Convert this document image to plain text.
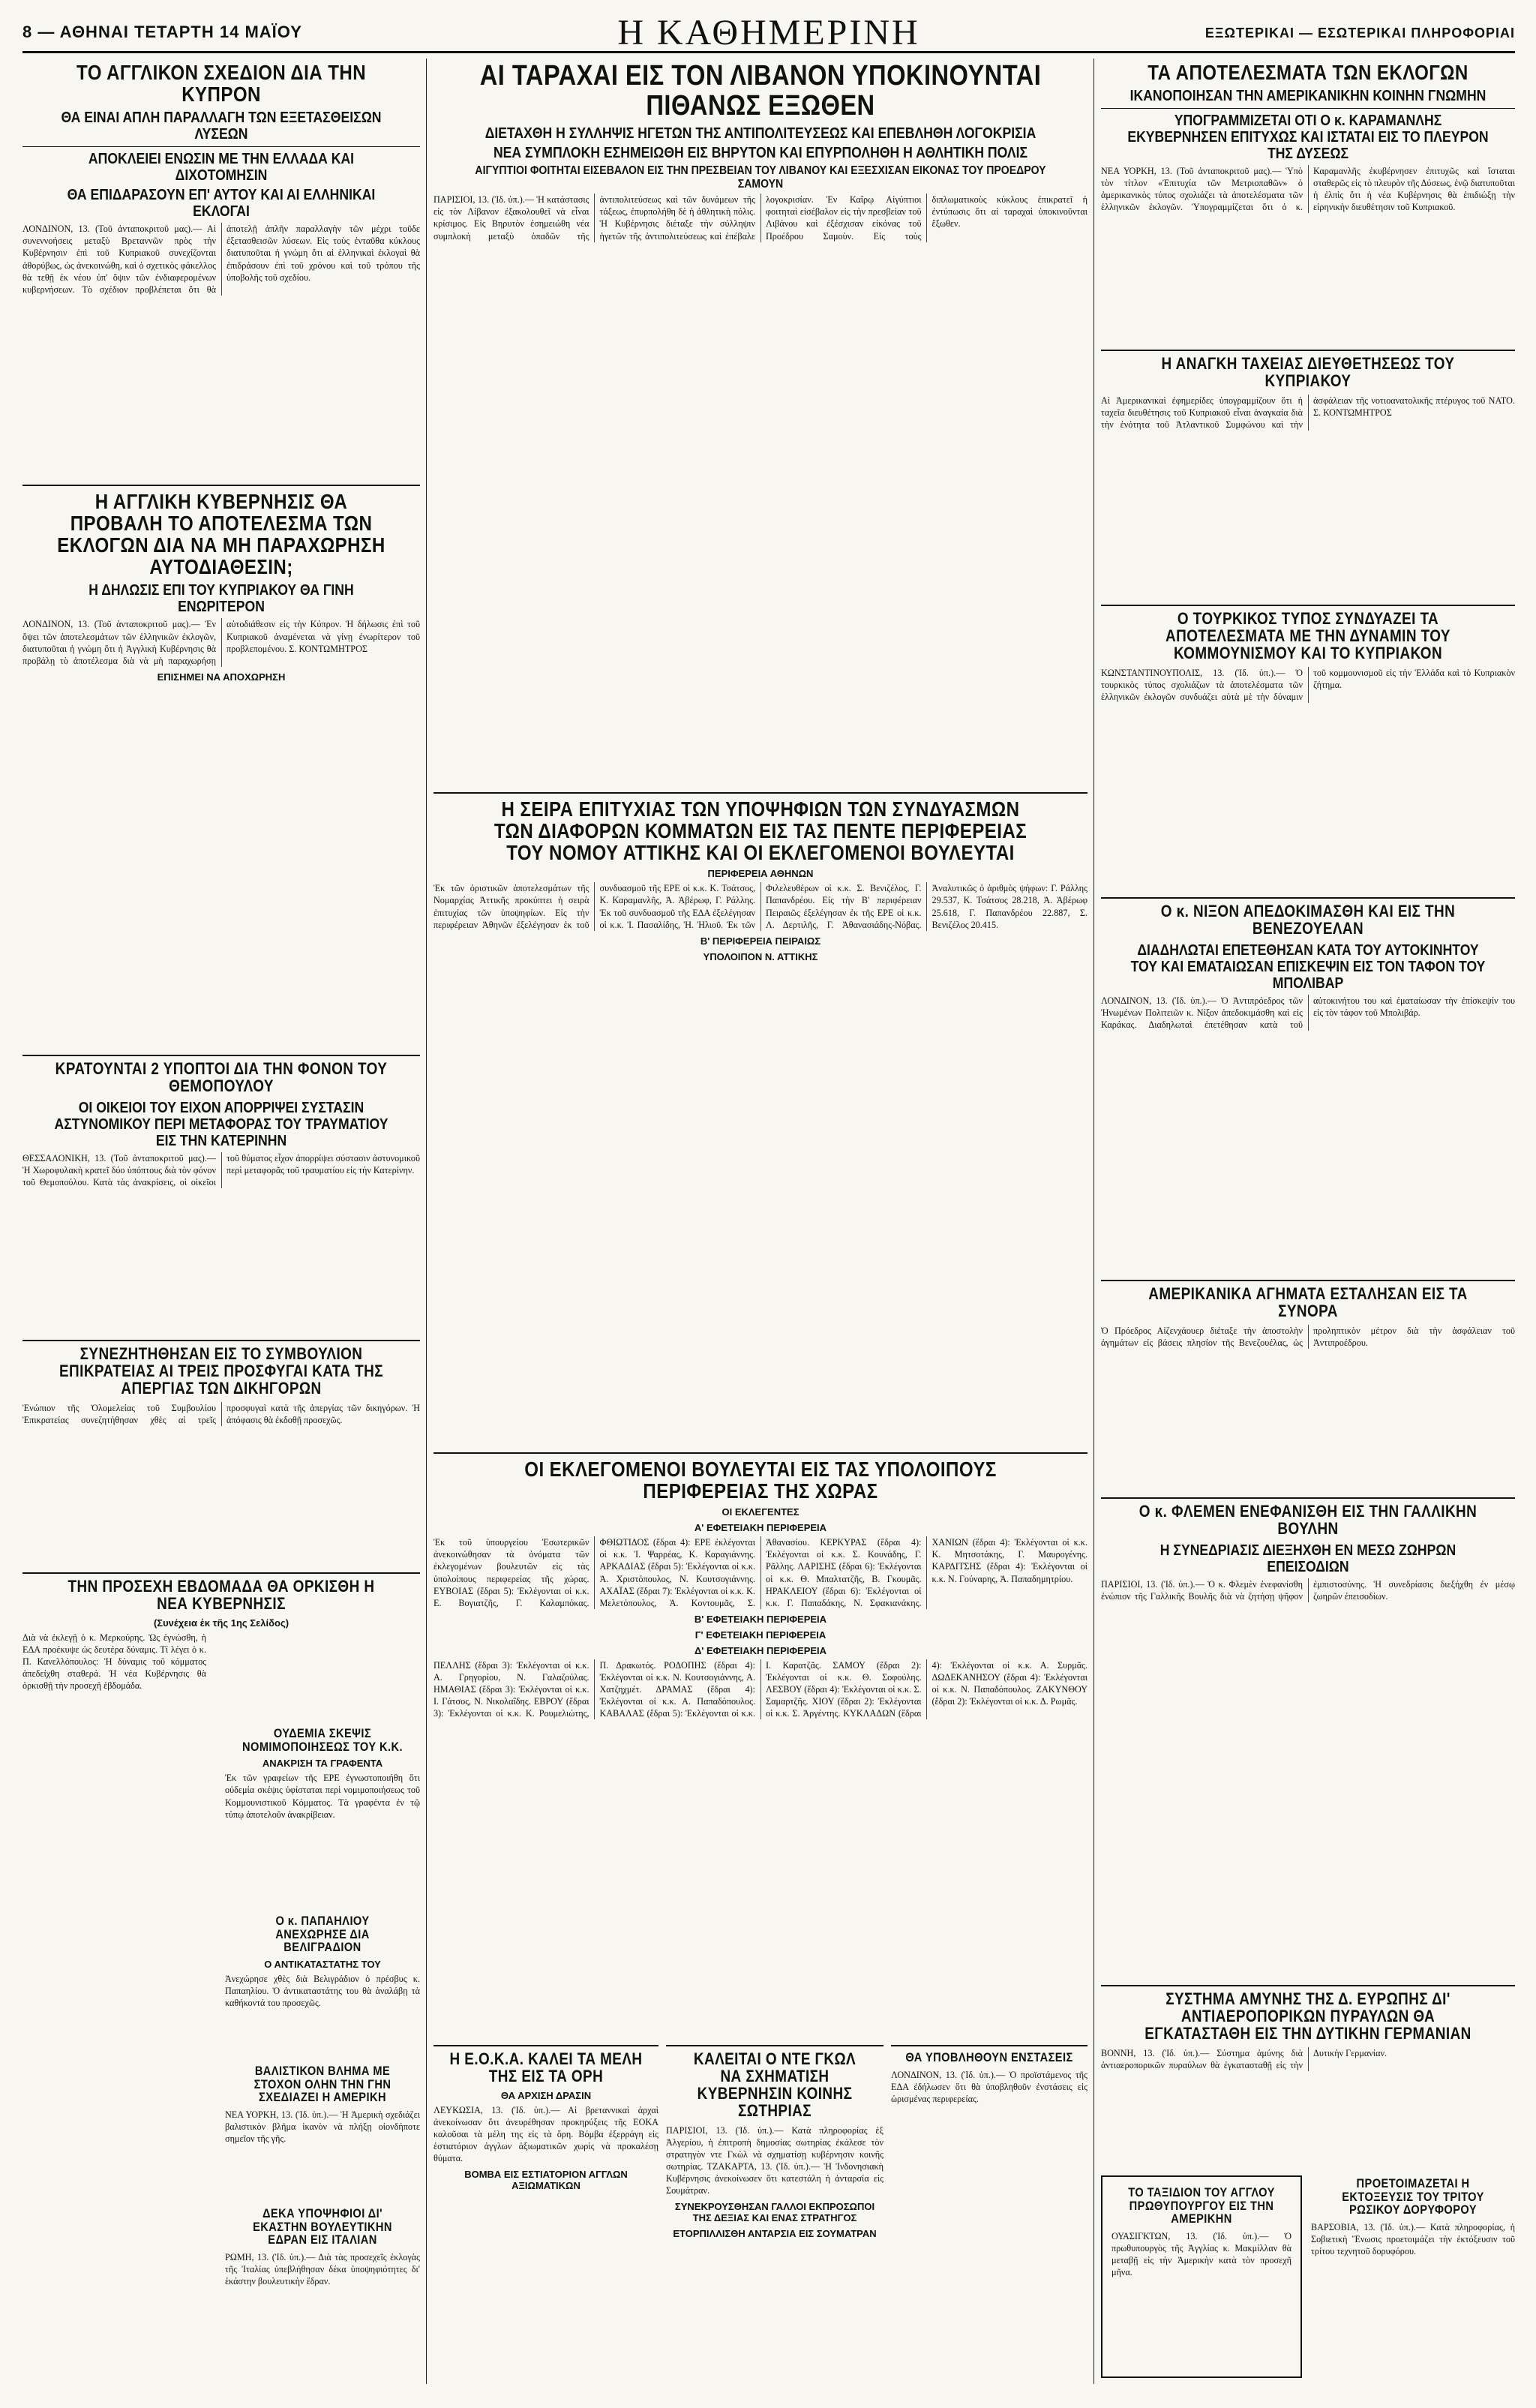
8 — ΑΘΗΝΑΙ ΤΕΤΑΡΤΗ 14 ΜΑΪΟΥ	Η ΚΑΘΗΜΕΡΙΝΗ	ΕΞΩΤΕΡΙΚΑΙ — ΕΣΩΤΕΡΙΚΑΙ ΠΛΗΡΟΦΟΡΙΑΙ
ΤΟ ΑΓΓΛΙΚΟΝ ΣΧΕΔΙΟΝ ΔΙΑ ΤΗΝ ΚΥΠΡΟΝ
ΘΑ ΕΙΝΑΙ ΑΠΛΗ ΠΑΡΑΛΛΑΓΗ ΤΩΝ ΕΞΕΤΑΣΘΕΙΣΩΝ ΛΥΣΕΩΝ
ΑΠΟΚΛΕΙΕΙ ΕΝΩΣΙΝ ΜΕ ΤΗΝ ΕΛΛΑΔΑ ΚΑΙ ΔΙΧΟΤΟΜΗΣΙΝ
ΘΑ ΕΠΙΔΑΡΑΣΟΥΝ ΕΠ' ΑΥΤΟΥ ΚΑΙ ΑΙ ΕΛΛΗΝΙΚΑΙ ΕΚΛΟΓΑΙ
ΛΟΝΔΙΝΟΝ, 13. (Τοῦ ἀνταποκριτοῦ μας).— Αἱ συνεννοήσεις μεταξὺ Βρεταννῶν πρὸς τὴν Κυβέρνησιν ἐπὶ τοῦ Κυπριακοῦ συνεχίζονται ἀθορύβως, ὡς ἀνεκοινώθη, καὶ ὁ σχετικὸς φάκελλος θὰ τεθῇ ἐκ νέου ὑπ' ὄψιν τῶν ἐνδιαφερομένων κυβερνήσεων. Τὸ σχέδιον προβλέπεται ὅτι θὰ ἀποτελῇ ἁπλῆν παραλλαγὴν τῶν μέχρι τοῦδε ἐξετασθεισῶν λύσεων. Εἰς τοὺς ἐνταῦθα κύκλους διατυποῦται ἡ γνώμη ὅτι αἱ ἑλληνικαὶ ἐκλογαὶ θὰ ἐπιδράσουν ἐπὶ τοῦ χρόνου καὶ τοῦ τρόπου τῆς ὑποβολῆς τοῦ σχεδίου.
Η ΑΓΓΛΙΚΗ ΚΥΒΕΡΝΗΣΙΣ ΘΑ ΠΡΟΒΑΛΗ ΤΟ ΑΠΟΤΕΛΕΣΜΑ ΤΩΝ ΕΚΛΟΓΩΝ ΔΙΑ ΝΑ ΜΗ ΠΑΡΑΧΩΡΗΣΗ ΑΥΤΟΔΙΑΘΕΣΙΝ;
Η ΔΗΛΩΣΙΣ ΕΠΙ ΤΟΥ ΚΥΠΡΙΑΚΟΥ ΘΑ ΓΙΝΗ ΕΝΩΡΙΤΕΡΟΝ
ΛΟΝΔΙΝΟΝ, 13. (Τοῦ ἀνταποκριτοῦ μας).— Ἐν ὄψει τῶν ἀποτελεσμάτων τῶν ἑλληνικῶν ἐκλογῶν, διατυποῦται ἡ γνώμη ὅτι ἡ Ἀγγλικὴ Κυβέρνησις θὰ προβάλῃ τὸ ἀποτέλεσμα διὰ νὰ μὴ παραχωρήσῃ αὐτοδιάθεσιν εἰς τὴν Κύπρον. Ἡ δήλωσις ἐπὶ τοῦ Κυπριακοῦ ἀναμένεται νὰ γίνῃ ἐνωρίτερον τοῦ προβλεπομένου. Σ. ΚΟΝΤΩΜΗΤΡΟΣ
ΕΠΙΣΗΜΕΙ ΝΑ ΑΠΟΧΩΡΗΣΗ
ΚΡΑΤΟΥΝΤΑΙ 2 ΥΠΟΠΤΟΙ ΔΙΑ ΤΗΝ ΦΟΝΟΝ ΤΟΥ ΘΕΜΟΠΟΥΛΟΥ
ΟΙ ΟΙΚΕΙΟΙ ΤΟΥ ΕΙΧΟΝ ΑΠΟΡΡΙΨΕΙ ΣΥΣΤΑΣΙΝ ΑΣΤΥΝΟΜΙΚΟΥ ΠΕΡΙ ΜΕΤΑΦΟΡΑΣ ΤΟΥ ΤΡΑΥΜΑΤΙΟΥ ΕΙΣ ΤΗΝ ΚΑΤΕΡΙΝΗΝ
ΘΕΣΣΑΛΟΝΙΚΗ, 13. (Τοῦ ἀνταποκριτοῦ μας).— Ἡ Χωροφυλακὴ κρατεῖ δύο ὑπόπτους διὰ τὸν φόνον τοῦ Θεμοπούλου. Κατὰ τὰς ἀνακρίσεις, οἱ οἰκεῖοι τοῦ θύματος εἶχον ἀπορρίψει σύστασιν ἀστυνομικοῦ περὶ μεταφορᾶς τοῦ τραυματίου εἰς τὴν Κατερίνην.
ΣΥΝΕΖΗΤΗΘΗΣΑΝ ΕΙΣ ΤΟ ΣΥΜΒΟΥΛΙΟΝ ΕΠΙΚΡΑΤΕΙΑΣ ΑΙ ΤΡΕΙΣ ΠΡΟΣΦΥΓΑΙ ΚΑΤΑ ΤΗΣ ΑΠΕΡΓΙΑΣ ΤΩΝ ΔΙΚΗΓΟΡΩΝ
Ἐνώπιον τῆς Ὁλομελείας τοῦ Συμβουλίου Ἐπικρατείας συνεζητήθησαν χθὲς αἱ τρεῖς προσφυγαὶ κατὰ τῆς ἀπεργίας τῶν δικηγόρων. Ἡ ἀπόφασις θὰ ἐκδοθῇ προσεχῶς.
ΤΗΝ ΠΡΟΣΕΧΗ ΕΒΔΟΜΑΔΑ ΘΑ ΟΡΚΙΣΘΗ Η ΝΕΑ ΚΥΒΕΡΝΗΣΙΣ
(Συνέχεια ἐκ τῆς 1ης Σελίδος)
Διὰ νὰ ἐκλεγῇ ὁ κ. Μερκούρης. Ὡς ἐγνώσθη, ἡ ΕΔΑ προέκυψε ὡς δευτέρα δύναμις. Τί λέγει ὁ κ. Π. Κανελλόπουλος: Ἡ δύναμις τοῦ κόμματος ἀπεδείχθη σταθερά. Ἡ νέα Κυβέρνησις θὰ ὁρκισθῇ τὴν προσεχῆ ἑβδομάδα.
ΟΥΔΕΜΙΑ ΣΚΕΨΙΣ ΝΟΜΙΜΟΠΟΙΗΣΕΩΣ ΤΟΥ Κ.Κ.
ΑΝΑΚΡΙΣΗ ΤΑ ΓΡΑΦΕΝΤΑ
Ἐκ τῶν γραφείων τῆς ΕΡΕ ἐγνωστοποιήθη ὅτι οὐδεμία σκέψις ὑφίσταται περὶ νομιμοποιήσεως τοῦ Κομμουνιστικοῦ Κόμματος. Τὰ γραφέντα ἐν τῷ τύπῳ ἀποτελοῦν ἀνακρίβειαν.
Ο κ. ΠΑΠΑΗΛΙΟΥ ΑΝΕΧΩΡΗΣΕ ΔΙΑ ΒΕΛΙΓΡΑΔΙΟΝ
Ο ΑΝΤΙΚΑΤΑΣΤΑΤΗΣ ΤΟΥ
Ἀνεχώρησε χθὲς διὰ Βελιγράδιον ὁ πρέσβυς κ. Παπαηλίου. Ὁ ἀντικαταστάτης του θὰ ἀναλάβῃ τὰ καθήκοντά του προσεχῶς.
ΒΑΛΙΣΤΙΚΟΝ ΒΛΗΜΑ ΜΕ ΣΤΟΧΟΝ ΟΛΗΝ ΤΗΝ ΓΗΝ ΣΧΕΔΙΑΖΕΙ Η ΑΜΕΡΙΚΗ
ΝΕΑ ΥΟΡΚΗ, 13. (Ἰδ. ὑπ.).— Ἡ Ἀμερικὴ σχεδιάζει βαλιστικὸν βλῆμα ἱκανὸν νὰ πλήξῃ οἱονδήποτε σημεῖον τῆς γῆς.
ΔΕΚΑ ΥΠΟΨΗΦΙΟΙ ΔΙ' ΕΚΑΣΤΗΝ ΒΟΥΛΕΥΤΙΚΗΝ ΕΔΡΑΝ ΕΙΣ ΙΤΑΛΙΑΝ
ΡΩΜΗ, 13. (Ἰδ. ὑπ.).— Διὰ τὰς προσεχεῖς ἐκλογὰς τῆς Ἰταλίας ὑπεβλήθησαν δέκα ὑποψηφιότητες δι' ἑκάστην βουλευτικὴν ἕδραν.
ΑΙ ΤΑΡΑΧΑΙ ΕΙΣ ΤΟΝ ΛΙΒΑΝΟΝ ΥΠΟΚΙΝΟΥΝΤΑΙ ΠΙΘΑΝΩΣ ΕΞΩΘΕΝ
ΔΙΕΤΑΧΘΗ Η ΣΥΛΛΗΨΙΣ ΗΓΕΤΩΝ ΤΗΣ ΑΝΤΙΠΟΛΙΤΕΥΣΕΩΣ ΚΑΙ ΕΠΕΒΛΗΘΗ ΛΟΓΟΚΡΙΣΙΑ
ΝΕΑ ΣΥΜΠΛΟΚΗ ΕΣΗΜΕΙΩΘΗ ΕΙΣ ΒΗΡΥΤΟΝ ΚΑΙ ΕΠΥΡΠΟΛΗΘΗ Η ΑΘΛΗΤΙΚΗ ΠΟΛΙΣ
ΑΙΓΥΠΤΙΟΙ ΦΟΙΤΗΤΑΙ ΕΙΣΕΒΑΛΟΝ ΕΙΣ ΤΗΝ ΠΡΕΣΒΕΙΑΝ ΤΟΥ ΛΙΒΑΝΟΥ ΚΑΙ ΕΞΕΣΧΙΣΑΝ ΕΙΚΟΝΑΣ ΤΟΥ ΠΡΟΕΔΡΟΥ ΣΑΜΟΥΝ
ΠΑΡΙΣΙΟΙ, 13. (Ἰδ. ὑπ.).— Ἡ κατάστασις εἰς τὸν Λίβανον ἐξακολουθεῖ νὰ εἶναι κρίσιμος. Εἰς Βηρυτὸν ἐσημειώθη νέα συμπλοκὴ μεταξὺ ὀπαδῶν τῆς ἀντιπολιτεύσεως καὶ τῶν δυνάμεων τῆς τάξεως, ἐπυρπολήθη δὲ ἡ ἀθλητικὴ πόλις. Ἡ Κυβέρνησις διέταξε τὴν σύλληψιν ἡγετῶν τῆς ἀντιπολιτεύσεως καὶ ἐπέβαλε λογοκρισίαν. Ἐν Καΐρῳ Αἰγύπτιοι φοιτηταὶ εἰσέβαλον εἰς τὴν πρεσβείαν τοῦ Λιβάνου καὶ ἐξέσχισαν εἰκόνας τοῦ Προέδρου Σαμοὺν. Εἰς τοὺς διπλωματικοὺς κύκλους ἐπικρατεῖ ἡ ἐντύπωσις ὅτι αἱ ταραχαὶ ὑποκινοῦνται ἔξωθεν.
Η ΣΕΙΡΑ ΕΠΙΤΥΧΙΑΣ ΤΩΝ ΥΠΟΨΗΦΙΩΝ ΤΩΝ ΣΥΝΔΥΑΣΜΩΝ ΤΩΝ ΔΙΑΦΟΡΩΝ ΚΟΜΜΑΤΩΝ ΕΙΣ ΤΑΣ ΠΕΝΤΕ ΠΕΡΙΦΕΡΕΙΑΣ ΤΟΥ ΝΟΜΟΥ ΑΤΤΙΚΗΣ ΚΑΙ ΟΙ ΕΚΛΕΓΟΜΕΝΟΙ ΒΟΥΛΕΥΤΑΙ
ΠΕΡΙΦΕΡΕΙΑ ΑΘΗΝΩΝ
Ἐκ τῶν ὁριστικῶν ἀποτελεσμάτων τῆς Νομαρχίας Ἀττικῆς προκύπτει ἡ σειρὰ ἐπιτυχίας τῶν ὑποψηφίων. Εἰς τὴν περιφέρειαν Ἀθηνῶν ἐξελέγησαν ἐκ τοῦ συνδυασμοῦ τῆς ΕΡΕ οἱ κ.κ. Κ. Τσάτσος, Κ. Καραμανλῆς, Ἀ. Ἀβέρωφ, Γ. Ράλλης. Ἐκ τοῦ συνδυασμοῦ τῆς ΕΔΑ ἐξελέγησαν οἱ κ.κ. Ἰ. Πασαλίδης, Ἠ. Ἠλιοῦ. Ἐκ τῶν Φιλελευθέρων οἱ κ.κ. Σ. Βενιζέλος, Γ. Παπανδρέου. Εἰς τὴν Β' περιφέρειαν Πειραιῶς ἐξελέγησαν ἐκ τῆς ΕΡΕ οἱ κ.κ. Λ. Δερτιλῆς, Γ. Ἀθανασιάδης-Νόβας. Ἀναλυτικῶς ὁ ἀριθμὸς ψήφων: Γ. Ράλλης 29.537, Κ. Τσάτσος 28.218, Ἀ. Ἀβέρωφ 25.618, Γ. Παπανδρέου 22.887, Σ. Βενιζέλος 20.415.
Β' ΠΕΡΙΦΕΡΕΙΑ ΠΕΙΡΑΙΩΣ
ΥΠΟΛΟΙΠΟΝ Ν. ΑΤΤΙΚΗΣ
ΟΙ ΕΚΛΕΓΟΜΕΝΟΙ ΒΟΥΛΕΥΤΑΙ ΕΙΣ ΤΑΣ ΥΠΟΛΟΙΠΟΥΣ ΠΕΡΙΦΕΡΕΙΑΣ ΤΗΣ ΧΩΡΑΣ
ΟΙ ΕΚΛΕΓΕΝΤΕΣ
Α' ΕΦΕΤΕΙΑΚΗ ΠΕΡΙΦΕΡΕΙΑ
Ἐκ τοῦ ὑπουργείου Ἐσωτερικῶν ἀνεκοινώθησαν τὰ ὀνόματα τῶν ἐκλεγομένων βουλευτῶν εἰς τὰς ὑπολοίπους περιφερείας τῆς χώρας. ΕΥΒΟΙΑΣ (ἕδραι 5): Ἐκλέγονται οἱ κ.κ. Ε. Βογιατζῆς, Γ. Καλαμπόκας. ΦΘΙΩΤΙΔΟΣ (ἕδραι 4): ΕΡΕ ἐκλέγονται οἱ κ.κ. Ἰ. Ψαρρέας, Κ. Καραγιάννης. ΑΡΚΑΔΙΑΣ (ἕδραι 5): Ἐκλέγονται οἱ κ.κ. Ἀ. Χριστόπουλος, Ν. Κουτσογιάννης. ΑΧΑΪΑΣ (ἕδραι 7): Ἐκλέγονται οἱ κ.κ. Κ. Μελετόπουλος, Ἀ. Κοντουμᾶς, Σ. Ἀθανασίου. ΚΕΡΚΥΡΑΣ (ἕδραι 4): Ἐκλέγονται οἱ κ.κ. Σ. Κουνάδης, Γ. Ρᾶλλης. ΛΑΡΙΣΗΣ (ἕδραι 6): Ἐκλέγονται οἱ κ.κ. Θ. Μπαλτατζῆς, Β. Γκουμᾶς. ΗΡΑΚΛΕΙΟΥ (ἕδραι 6): Ἐκλέγονται οἱ κ.κ. Γ. Παπαδάκης, Ν. Σφακιανάκης. ΧΑΝΙΩΝ (ἕδραι 4): Ἐκλέγονται οἱ κ.κ. Κ. Μητσοτάκης, Γ. Μαυρογένης. ΚΑΡΔΙΤΣΗΣ (ἕδραι 4): Ἐκλέγονται οἱ κ.κ. Ν. Γούναρης, Ἀ. Παπαδημητρίου.
Β' ΕΦΕΤΕΙΑΚΗ ΠΕΡΙΦΕΡΕΙΑ
Γ' ΕΦΕΤΕΙΑΚΗ ΠΕΡΙΦΕΡΕΙΑ
Δ' ΕΦΕΤΕΙΑΚΗ ΠΕΡΙΦΕΡΕΙΑ
ΠΕΛΛΗΣ (ἕδραι 3): Ἐκλέγονται οἱ κ.κ. Α. Γρηγορίου, Ν. Γαλαζούλας. ΗΜΑΘΙΑΣ (ἕδραι 3): Ἐκλέγονται οἱ κ.κ. Ι. Γάτσος, Ν. Νικολαΐδης. ΕΒΡΟΥ (ἕδραι 3): Ἐκλέγονται οἱ κ.κ. Κ. Ρουμελιώτης, Π. Δρακωτός. ΡΟΔΟΠΗΣ (ἕδραι 4): Ἐκλέγονται οἱ κ.κ. Ν. Κουτσογιάννης, Α. Χατζηχμέτ. ΔΡΑΜΑΣ (ἕδραι 4): Ἐκλέγονται οἱ κ.κ. Α. Παπαδόπουλος. ΚΑΒΑΛΑΣ (ἕδραι 5): Ἐκλέγονται οἱ κ.κ. Ι. Καρατζᾶς. ΣΑΜΟΥ (ἕδραι 2): Ἐκλέγονται οἱ κ.κ. Θ. Σοφούλης. ΛΕΣΒΟΥ (ἕδραι 4): Ἐκλέγονται οἱ κ.κ. Σ. Σαμαρτζῆς. ΧΙΟΥ (ἕδραι 2): Ἐκλέγονται οἱ κ.κ. Σ. Ἀργέντης. ΚΥΚΛΑΔΩΝ (ἕδραι 4): Ἐκλέγονται οἱ κ.κ. Α. Συρμᾶς. ΔΩΔΕΚΑΝΗΣΟΥ (ἕδραι 4): Ἐκλέγονται οἱ κ.κ. Ν. Παπαδόπουλος. ΖΑΚΥΝΘΟΥ (ἕδραι 2): Ἐκλέγονται οἱ κ.κ. Δ. Ρωμᾶς.
Η Ε.Ο.Κ.Α. ΚΑΛΕΙ ΤΑ ΜΕΛΗ ΤΗΣ ΕΙΣ ΤΑ ΟΡΗ
ΘΑ ΑΡΧΙΣΗ ΔΡΑΣΙΝ
ΛΕΥΚΩΣΙΑ, 13. (Ἰδ. ὑπ.).— Αἱ βρεταννικαὶ ἀρχαὶ ἀνεκοίνωσαν ὅτι ἀνευρέθησαν προκηρύξεις τῆς ΕΟΚΑ καλοῦσαι τὰ μέλη της εἰς τὰ ὄρη. Βόμβα ἐξερράγη εἰς ἑστιατόριον ἀγγλων ἀξιωματικῶν χωρὶς νὰ προκαλέσῃ θύματα.
ΒΟΜΒΑ ΕΙΣ ΕΣΤΙΑΤΟΡΙΟΝ ΑΓΓΛΩΝ ΑΞΙΩΜΑΤΙΚΩΝ
ΚΑΛΕΙΤΑΙ Ο ΝΤΕ ΓΚΩΛ ΝΑ ΣΧΗΜΑΤΙΣΗ ΚΥΒΕΡΝΗΣΙΝ ΚΟΙΝΗΣ ΣΩΤΗΡΙΑΣ
ΠΑΡΙΣΙΟΙ, 13. (Ἰδ. ὑπ.).— Κατὰ πληροφορίας ἐξ Ἀλγερίου, ἡ ἐπιτροπὴ δημοσίας σωτηρίας ἐκάλεσε τὸν στρατηγὸν ντε Γκὼλ νὰ σχηματίσῃ κυβέρνησιν κοινῆς σωτηρίας. ΤΖΑΚΑΡΤΑ, 13. (Ἰδ. ὑπ.).— Ἡ Ἰνδονησιακὴ Κυβέρνησις ἀνεκοίνωσεν ὅτι κατεστάλη ἡ ἀνταρσία εἰς Σουμάτραν.
ΣΥΝΕΚΡΟΥΣΘΗΣΑΝ ΓΑΛΛΟΙ ΕΚΠΡΟΣΩΠΟΙ ΤΗΣ ΔΕΞΙΑΣ ΚΑΙ ΕΝΑΣ ΣΤΡΑΤΗΓΟΣ
ΕΤΟΡΠΙΛΛΙΣΘΗ ΑΝΤΑΡΣΙΑ ΕΙΣ ΣΟΥΜΑΤΡΑΝ
ΘΑ ΥΠΟΒΛΗΘΟΥΝ ΕΝΣΤΑΣΕΙΣ
ΛΟΝΔΙΝΟΝ, 13. (Ἰδ. ὑπ.).— Ὁ προϊστάμενος τῆς ΕΔΑ ἐδήλωσεν ὅτι θὰ ὑποβληθοῦν ἐνστάσεις εἰς ὡρισμένας περιφερείας.
ΤΑ ΑΠΟΤΕΛΕΣΜΑΤΑ ΤΩΝ ΕΚΛΟΓΩΝ
ΙΚΑΝΟΠΟΙΗΣΑΝ ΤΗΝ ΑΜΕΡΙΚΑΝΙΚΗΝ ΚΟΙΝΗΝ ΓΝΩΜΗΝ
ΥΠΟΓΡΑΜΜΙΖΕΤΑΙ ΟΤΙ Ο κ. ΚΑΡΑΜΑΝΛΗΣ ΕΚΥΒΕΡΝΗΣΕΝ ΕΠΙΤΥΧΩΣ ΚΑΙ ΙΣΤΑΤΑΙ ΕΙΣ ΤΟ ΠΛΕΥΡΟΝ ΤΗΣ ΔΥΣΕΩΣ
ΝΕΑ ΥΟΡΚΗ, 13. (Τοῦ ἀνταποκριτοῦ μας).— Ὑπὸ τὸν τίτλον «Ἐπιτυχία τῶν Μετριοπαθῶν» ὁ ἀμερικανικὸς τύπος σχολιάζει τὰ ἀποτελέσματα τῶν ἑλληνικῶν ἐκλογῶν. Ὑπογραμμίζεται ὅτι ὁ κ. Καραμανλῆς ἐκυβέρνησεν ἐπιτυχῶς καὶ ἵσταται σταθερῶς εἰς τὸ πλευρὸν τῆς Δύσεως, ἐνῷ διατυποῦται ἡ ἐλπὶς ὅτι ἡ νέα Κυβέρνησις θὰ ἐπιδιώξῃ τὴν εἰρηνικὴν διευθέτησιν τοῦ Κυπριακοῦ.
Η ΑΝΑΓΚΗ ΤΑΧΕΙΑΣ ΔΙΕΥΘΕΤΗΣΕΩΣ ΤΟΥ ΚΥΠΡΙΑΚΟΥ
Αἱ Ἀμερικανικαὶ ἐφημερίδες ὑπογραμμίζουν ὅτι ἡ ταχεῖα διευθέτησις τοῦ Κυπριακοῦ εἶναι ἀναγκαία διὰ τὴν ἑνότητα τοῦ Ἀτλαντικοῦ Συμφώνου καὶ τὴν ἀσφάλειαν τῆς νοτιοανατολικῆς πτέρυγος τοῦ ΝΑΤΟ. Σ. ΚΟΝΤΩΜΗΤΡΟΣ
Ο ΤΟΥΡΚΙΚΟΣ ΤΥΠΟΣ ΣΥΝΔΥΑΖΕΙ ΤΑ ΑΠΟΤΕΛΕΣΜΑΤΑ ΜΕ ΤΗΝ ΔΥΝΑΜΙΝ ΤΟΥ ΚΟΜΜΟΥΝΙΣΜΟΥ ΚΑΙ ΤΟ ΚΥΠΡΙΑΚΟΝ
ΚΩΝΣΤΑΝΤΙΝΟΥΠΟΛΙΣ, 13. (Ἰδ. ὑπ.).— Ὁ τουρκικὸς τύπος σχολιάζων τὰ ἀποτελέσματα τῶν ἑλληνικῶν ἐκλογῶν συνδυάζει αὐτὰ μὲ τὴν δύναμιν τοῦ κομμουνισμοῦ εἰς τὴν Ἑλλάδα καὶ τὸ Κυπριακὸν ζήτημα.
Ο κ. ΝΙΞΟΝ ΑΠΕΔΟΚΙΜΑΣΘΗ ΚΑΙ ΕΙΣ ΤΗΝ ΒΕΝΕΖΟΥΕΛΑΝ
ΔΙΑΔΗΛΩΤΑΙ ΕΠΕΤΕΘΗΣΑΝ ΚΑΤΑ ΤΟΥ ΑΥΤΟΚΙΝΗΤΟΥ ΤΟΥ ΚΑΙ ΕΜΑΤΑΙΩΣΑΝ ΕΠΙΣΚΕΨΙΝ ΕΙΣ ΤΟΝ ΤΑΦΟΝ ΤΟΥ ΜΠΟΛΙΒΑΡ
ΛΟΝΔΙΝΟΝ, 13. (Ἰδ. ὑπ.).— Ὁ Ἀντιπρόεδρος τῶν Ἡνωμένων Πολιτειῶν κ. Νίξον ἀπεδοκιμάσθη καὶ εἰς Καράκας. Διαδηλωταὶ ἐπετέθησαν κατὰ τοῦ αὐτοκινήτου του καὶ ἐματαίωσαν τὴν ἐπίσκεψίν του εἰς τὸν τάφον τοῦ Μπολιβάρ.
ΑΜΕΡΙΚΑΝΙΚΑ ΑΓΗΜΑΤΑ ΕΣΤΑΛΗΣΑΝ ΕΙΣ ΤΑ ΣΥΝΟΡΑ
Ὁ Πρόεδρος Αἰζενχάουερ διέταξε τὴν ἀποστολὴν ἀγημάτων εἰς βάσεις πλησίον τῆς Βενεζουέλας, ὡς προληπτικὸν μέτρον διὰ τὴν ἀσφάλειαν τοῦ Ἀντιπροέδρου.
Ο κ. ΦΛΕΜΕΝ ΕΝΕΦΑΝΙΣΘΗ ΕΙΣ ΤΗΝ ΓΑΛΛΙΚΗΝ ΒΟΥΛΗΝ
Η ΣΥΝΕΔΡΙΑΣΙΣ ΔΙΕΞΗΧΘΗ ΕΝ ΜΕΣΩ ΖΩΗΡΩΝ ΕΠΕΙΣΟΔΙΩΝ
ΠΑΡΙΣΙΟΙ, 13. (Ἰδ. ὑπ.).— Ὁ κ. Φλεμὲν ἐνεφανίσθη ἐνώπιον τῆς Γαλλικῆς Βουλῆς διὰ νὰ ζητήσῃ ψῆφον ἐμπιστοσύνης. Ἡ συνεδρίασις διεξήχθη ἐν μέσῳ ζωηρῶν ἐπεισοδίων.
ΣΥΣΤΗΜΑ ΑΜΥΝΗΣ ΤΗΣ Δ. ΕΥΡΩΠΗΣ ΔΙ' ΑΝΤΙΑΕΡΟΠΟΡΙΚΩΝ ΠΥΡΑΥΛΩΝ ΘΑ ΕΓΚΑΤΑΣΤΑΘΗ ΕΙΣ ΤΗΝ ΔΥΤΙΚΗΝ ΓΕΡΜΑΝΙΑΝ
ΒΟΝΝΗ, 13. (Ἰδ. ὑπ.).— Σύστημα ἀμύνης διὰ ἀντιαεροπορικῶν πυραύλων θὰ ἐγκατασταθῇ εἰς τὴν Δυτικὴν Γερμανίαν.
ΤΟ ΤΑΞΙΔΙΟΝ ΤΟΥ ΑΓΓΛΟΥ ΠΡΩΘΥΠΟΥΡΓΟΥ ΕΙΣ ΤΗΝ ΑΜΕΡΙΚΗΝ
ΟΥΑΣΙΓΚΤΩΝ, 13. (Ἰδ. ὑπ.).— Ὁ πρωθυπουργὸς τῆς Ἀγγλίας κ. Μακμίλλαν θὰ μεταβῇ εἰς τὴν Ἀμερικὴν κατὰ τὸν προσεχῆ μῆνα.
ΠΡΟΕΤΟΙΜΑΖΕΤΑΙ Η ΕΚΤΟΞΕΥΣΙΣ ΤΟΥ ΤΡΙΤΟΥ ΡΩΣΙΚΟΥ ΔΟΡΥΦΟΡΟΥ
ΒΑΡΣΟΒΙΑ, 13. (Ἰδ. ὑπ.).— Κατὰ πληροφορίας, ἡ Σοβιετικὴ Ἕνωσις προετοιμάζει τὴν ἐκτόξευσιν τοῦ τρίτου τεχνητοῦ δορυφόρου.
